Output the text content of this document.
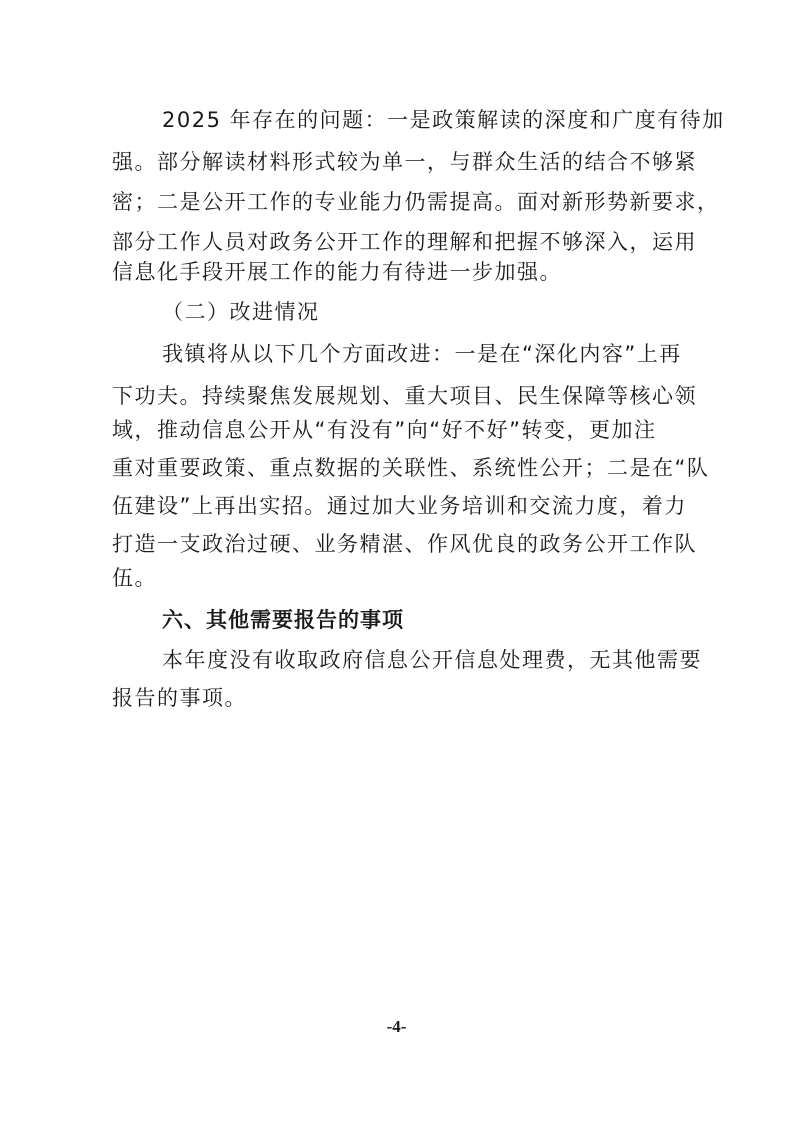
2025 年存在的问题：一是政策解读的深度和广度有待加
强。部分解读材料形式较为单一，与群众生活的结合不够紧
密；二是公开工作的专业能力仍需提高。面对新形势新要求，
部分工作人员对政务公开工作的理解和把握不够深入，运用
信息化手段开展工作的能力有待进一步加强。
（二）改进情况
我镇将从以下几个方面改进：一是在“深化内容”上再
下功夫。持续聚焦发展规划、重大项目、民生保障等核心领
域，推动信息公开从“有没有”向“好不好”转变，更加注
重对重要政策、重点数据的关联性、系统性公开；二是在“队
伍建设”上再出实招。通过加大业务培训和交流力度，着力
打造一支政治过硬、业务精湛、作风优良的政务公开工作队
伍。
六、其他需要报告的事项
本年度没有收取政府信息公开信息处理费，无其他需要
报告的事项。
-4-
